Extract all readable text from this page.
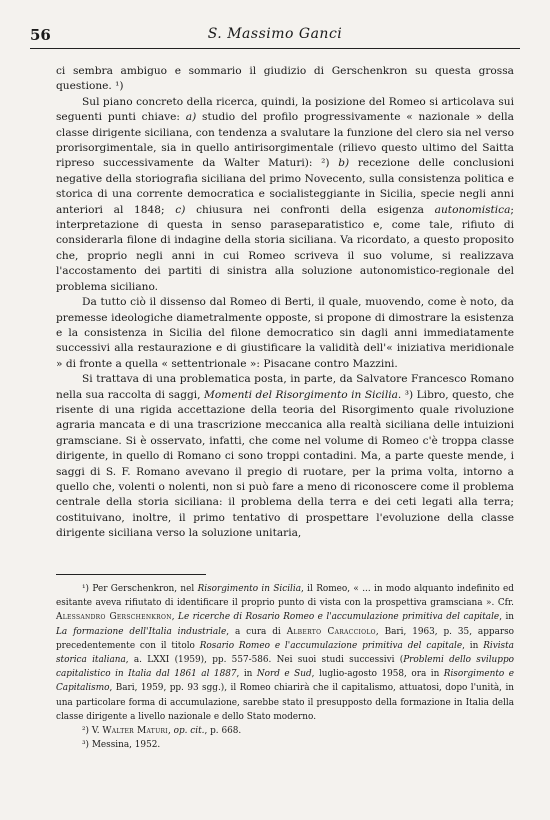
56	S. Massimo Ganci

ci sembra ambiguo e sommario il giudizio di Gerschenkron su questa grossa questione. ¹)

Sul piano concreto della ricerca, quindi, la posizione del Romeo si articolava sui seguenti punti chiave: a) studio del profilo progressivamente « nazionale » della classe dirigente siciliana, con tendenza a svalutare la funzione del clero sia nel verso prorisorgimentale, sia in quello antirisorgimentale (rilievo questo ultimo del Saitta ripreso successivamente da Walter Maturi): ²) b) recezione delle conclusioni negative della storiografia siciliana del primo Novecento, sulla consistenza politica e storica di una corrente democratica e socialisteggiante in Sicilia, specie negli anni anteriori al 1848; c) chiusura nei confronti della esigenza autonomistica; interpretazione di questa in senso paraseparatistico e, come tale, rifiuto di considerarla filone di indagine della storia siciliana. Va ricordato, a questo proposito che, proprio negli anni in cui Romeo scriveva il suo volume, si realizzava l'accostamento dei partiti di sinistra alla soluzione autonomistico-regionale del problema siciliano.

Da tutto ciò il dissenso dal Romeo di Berti, il quale, muovendo, come è noto, da premesse ideologiche diametralmente opposte, si propone di dimostrare la esistenza e la consistenza in Sicilia del filone democratico sin dagli anni immediatamente successivi alla restaurazione e di giustificare la validità dell'« iniziativa meridionale » di fronte a quella « settentrionale »: Pisacane contro Mazzini.

Si trattava di una problematica posta, in parte, da Salvatore Francesco Romano nella sua raccolta di saggi, Momenti del Risorgimento in Sicilia. ³) Libro, questo, che risente di una rigida accettazione della teoria del Risorgimento quale rivoluzione agraria mancata e di una trascrizione meccanica alla realtà siciliana delle intuizioni gramsciane. Si è osservato, infatti, che come nel volume di Romeo c'è troppa classe dirigente, in quello di Romano ci sono troppi contadini. Ma, a parte queste mende, i saggi di S. F. Romano avevano il pregio di ruotare, per la prima volta, intorno a quello che, volenti o nolenti, non si può fare a meno di riconoscere come il problema centrale della storia siciliana: il problema della terra e dei ceti legati alla terra; costituivano, inoltre, il primo tentativo di prospettare l'evoluzione della classe dirigente siciliana verso la soluzione unitaria,

¹) Per Gerschenkron, nel Risorgimento in Sicilia, il Romeo, « ... in modo alquanto indefinito ed esitante aveva rifiutato di identificare il proprio punto di vista con la prospettiva gramsciana ». Cfr. Alessandro Gerschenkron, Le ricerche di Rosario Romeo e l'accumulazione primitiva del capitale, in La formazione dell'Italia industriale, a cura di Alberto Caracciolo, Bari, 1963, p. 35, apparso precedentemente con il titolo Rosario Romeo e l'accumulazione primitiva del capitale, in Rivista storica italiana, a. LXXI (1959), pp. 557-586. Nei suoi studi successivi (Problemi dello sviluppo capitalistico in Italia dal 1861 al 1887, in Nord e Sud, luglio-agosto 1958, ora in Risorgimento e Capitalismo, Bari, 1959, pp. 93 sgg.), il Romeo chiarirà che il capitalismo, attuatosi, dopo l'unità, in una particolare forma di accumulazione, sarebbe stato il presupposto della formazione in Italia della classe dirigente a livello nazionale e dello Stato moderno.

²) V. Walter Maturi, op. cit., p. 668.

³) Messina, 1952.
